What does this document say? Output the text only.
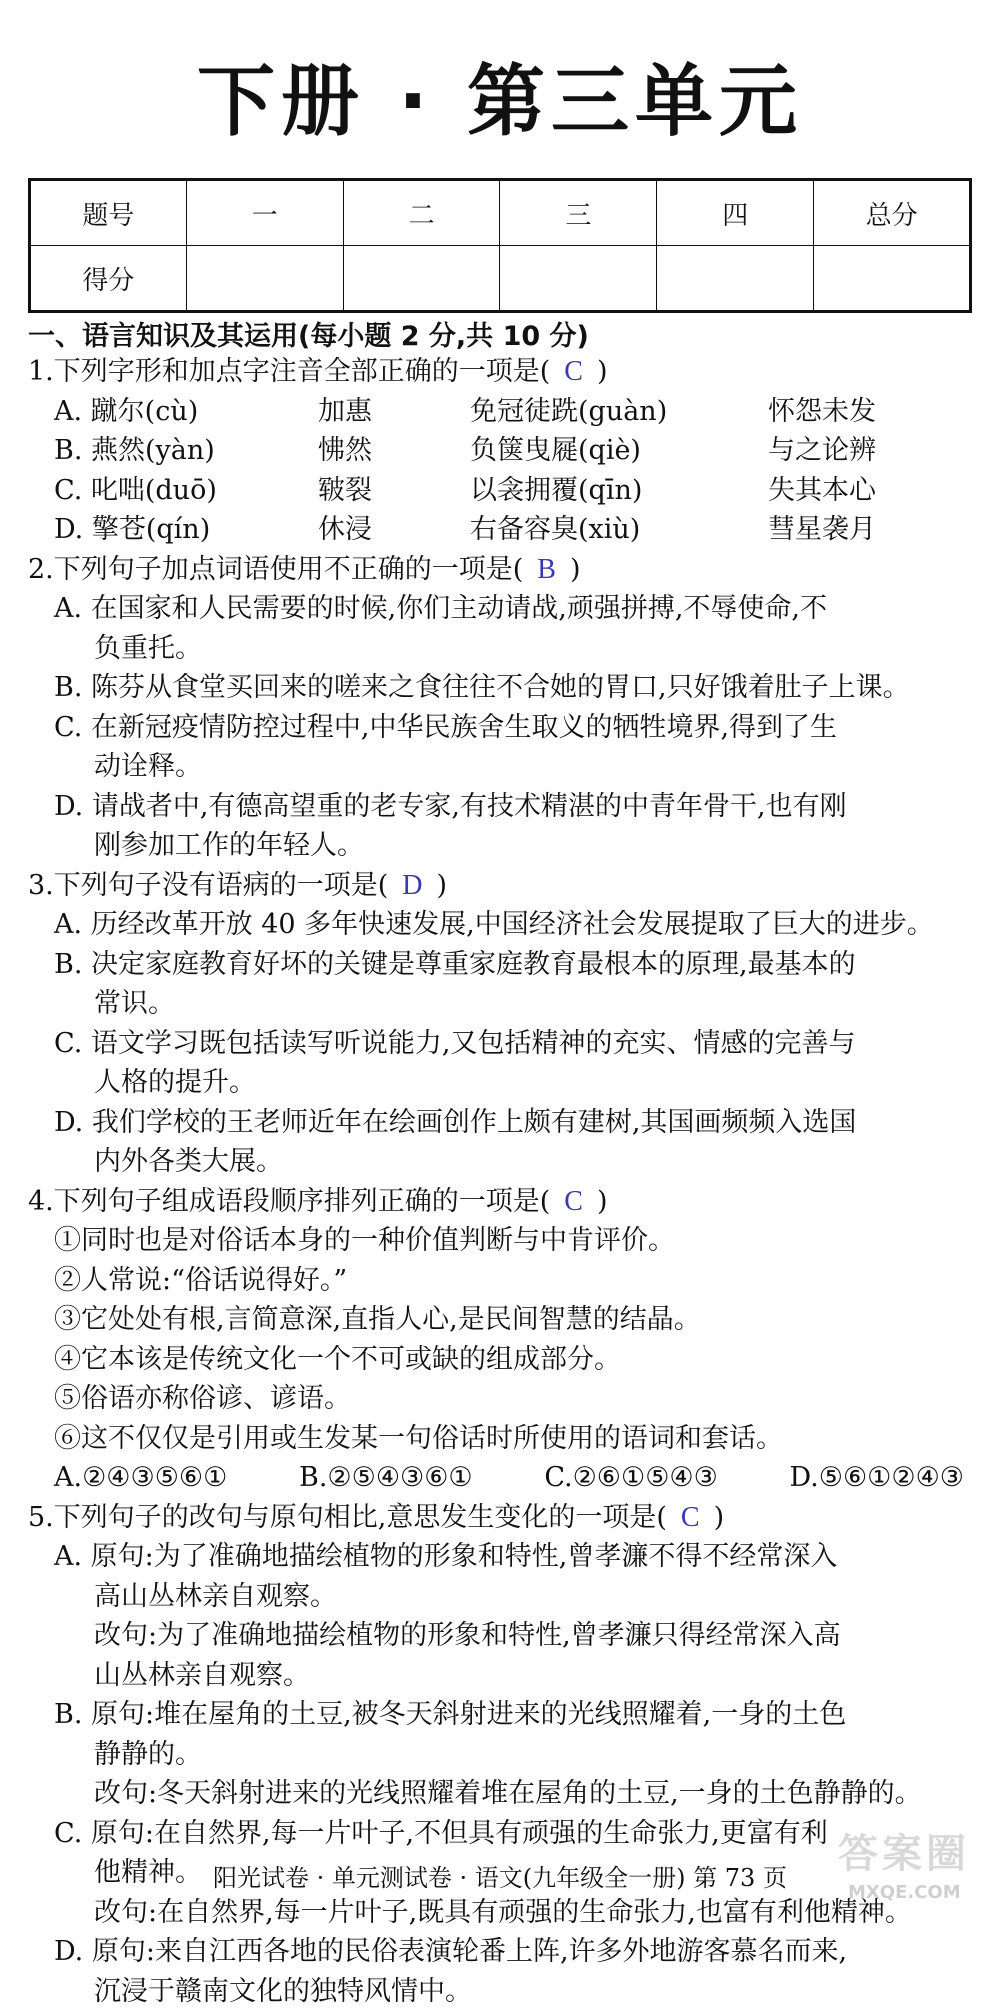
下册 · 第三单元
题号	一	二	三	四	总分
得分					
一、语言知识及其运用(每小题 2 分,共 10 分)
1.下列字形和加点字注音全部正确的一项是( C )
A. 蹴尔(cù)	加惠	免冠徒跣(guàn)	怀怨未发
B. 燕然(yàn)	怫然	负箧曳屣(qiè)	与之论辨
C. 叱咄(duō)	皲裂	以衾拥覆(qīn)	失其本心
D. 擎苍(qín)	休浸	右备容臭(xiù)	彗星袭月
2.下列句子加点词语使用不正确的一项是( B )
A. 在国家和人民需要的时候,你们主动请战,顽强拼搏,不辱使命,不
负重托。
B. 陈芬从食堂买回来的嗟来之食往往不合她的胃口,只好饿着肚子上课。
C. 在新冠疫情防控过程中,中华民族舍生取义的牺牲境界,得到了生
动诠释。
D. 请战者中,有德高望重的老专家,有技术精湛的中青年骨干,也有刚
刚参加工作的年轻人。
3.下列句子没有语病的一项是( D )
A. 历经改革开放 40 多年快速发展,中国经济社会发展提取了巨大的进步。
B. 决定家庭教育好坏的关键是尊重家庭教育最根本的原理,最基本的
常识。
C. 语文学习既包括读写听说能力,又包括精神的充实、情感的完善与
人格的提升。
D. 我们学校的王老师近年在绘画创作上颇有建树,其国画频频入选国
内外各类大展。
4.下列句子组成语段顺序排列正确的一项是( C )
①同时也是对俗话本身的一种价值判断与中肯评价。
②人常说:“俗话说得好。”
③它处处有根,言简意深,直指人心,是民间智慧的结晶。
④它本该是传统文化一个不可或缺的组成部分。
⑤俗语亦称俗谚、谚语。
⑥这不仅仅是引用或生发某一句俗话时所使用的语词和套话。
A.②④③⑤⑥①	B.②⑤④③⑥①	C.②⑥①⑤④③	D.⑤⑥①②④③
5.下列句子的改句与原句相比,意思发生变化的一项是( C )
A. 原句:为了准确地描绘植物的形象和特性,曾孝濂不得不经常深入
高山丛林亲自观察。
改句:为了准确地描绘植物的形象和特性,曾孝濂只得经常深入高
山丛林亲自观察。
B. 原句:堆在屋角的土豆,被冬天斜射进来的光线照耀着,一身的土色
静静的。
改句:冬天斜射进来的光线照耀着堆在屋角的土豆,一身的土色静静的。
C. 原句:在自然界,每一片叶子,不但具有顽强的生命张力,更富有利
他精神。
改句:在自然界,每一片叶子,既具有顽强的生命张力,也富有利他精神。
D. 原句:来自江西各地的民俗表演轮番上阵,许多外地游客慕名而来,
沉浸于赣南文化的独特风情中。
答案圈
MXQE.COM
阳光试卷 · 单元测试卷 · 语文(九年级全一册) 第 73 页
